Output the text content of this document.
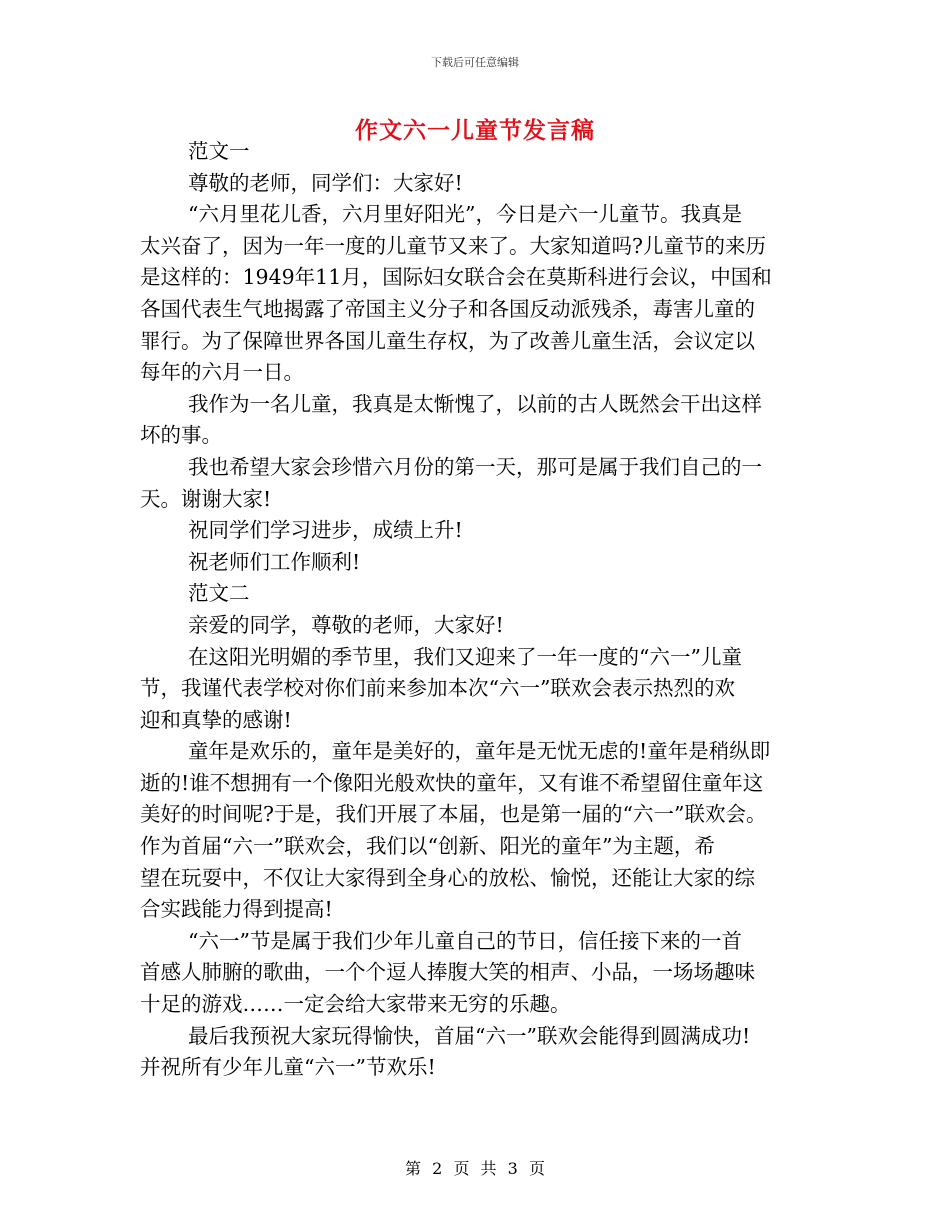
下载后可任意编辑
作文六一儿童节发言稿
范文一
尊敬的老师，同学们：大家好!
“六月里花儿香，六月里好阳光”，今日是六一儿童节。我真是
太兴奋了，因为一年一度的儿童节又来了。大家知道吗?儿童节的来历
是这样的：1949年11月，国际妇女联合会在莫斯科进行会议，中国和
各国代表生气地揭露了帝国主义分子和各国反动派残杀，毒害儿童的
罪行。为了保障世界各国儿童生存权，为了改善儿童生活，会议定以
每年的六月一日。
我作为一名儿童，我真是太惭愧了，以前的古人既然会干出这样
坏的事。
我也希望大家会珍惜六月份的第一天，那可是属于我们自己的一
天。谢谢大家!
祝同学们学习进步，成绩上升!
祝老师们工作顺利!
范文二
亲爱的同学，尊敬的老师，大家好!
在这阳光明媚的季节里，我们又迎来了一年一度的“六一”儿童
节，我谨代表学校对你们前来参加本次“六一”联欢会表示热烈的欢
迎和真挚的感谢!
童年是欢乐的，童年是美好的，童年是无忧无虑的!童年是稍纵即
逝的!谁不想拥有一个像阳光般欢快的童年，又有谁不希望留住童年这
美好的时间呢?于是，我们开展了本届，也是第一届的“六一”联欢会。
作为首届“六一”联欢会，我们以“创新、阳光的童年”为主题，希
望在玩耍中，不仅让大家得到全身心的放松、愉悦，还能让大家的综
合实践能力得到提高!
“六一”节是属于我们少年儿童自己的节日，信任接下来的一首
首感人肺腑的歌曲，一个个逗人捧腹大笑的相声、小品，一场场趣味
十足的游戏……一定会给大家带来无穷的乐趣。
最后我预祝大家玩得愉快，首届“六一”联欢会能得到圆满成功!
并祝所有少年儿童“六一”节欢乐!
第 2 页 共 3 页
